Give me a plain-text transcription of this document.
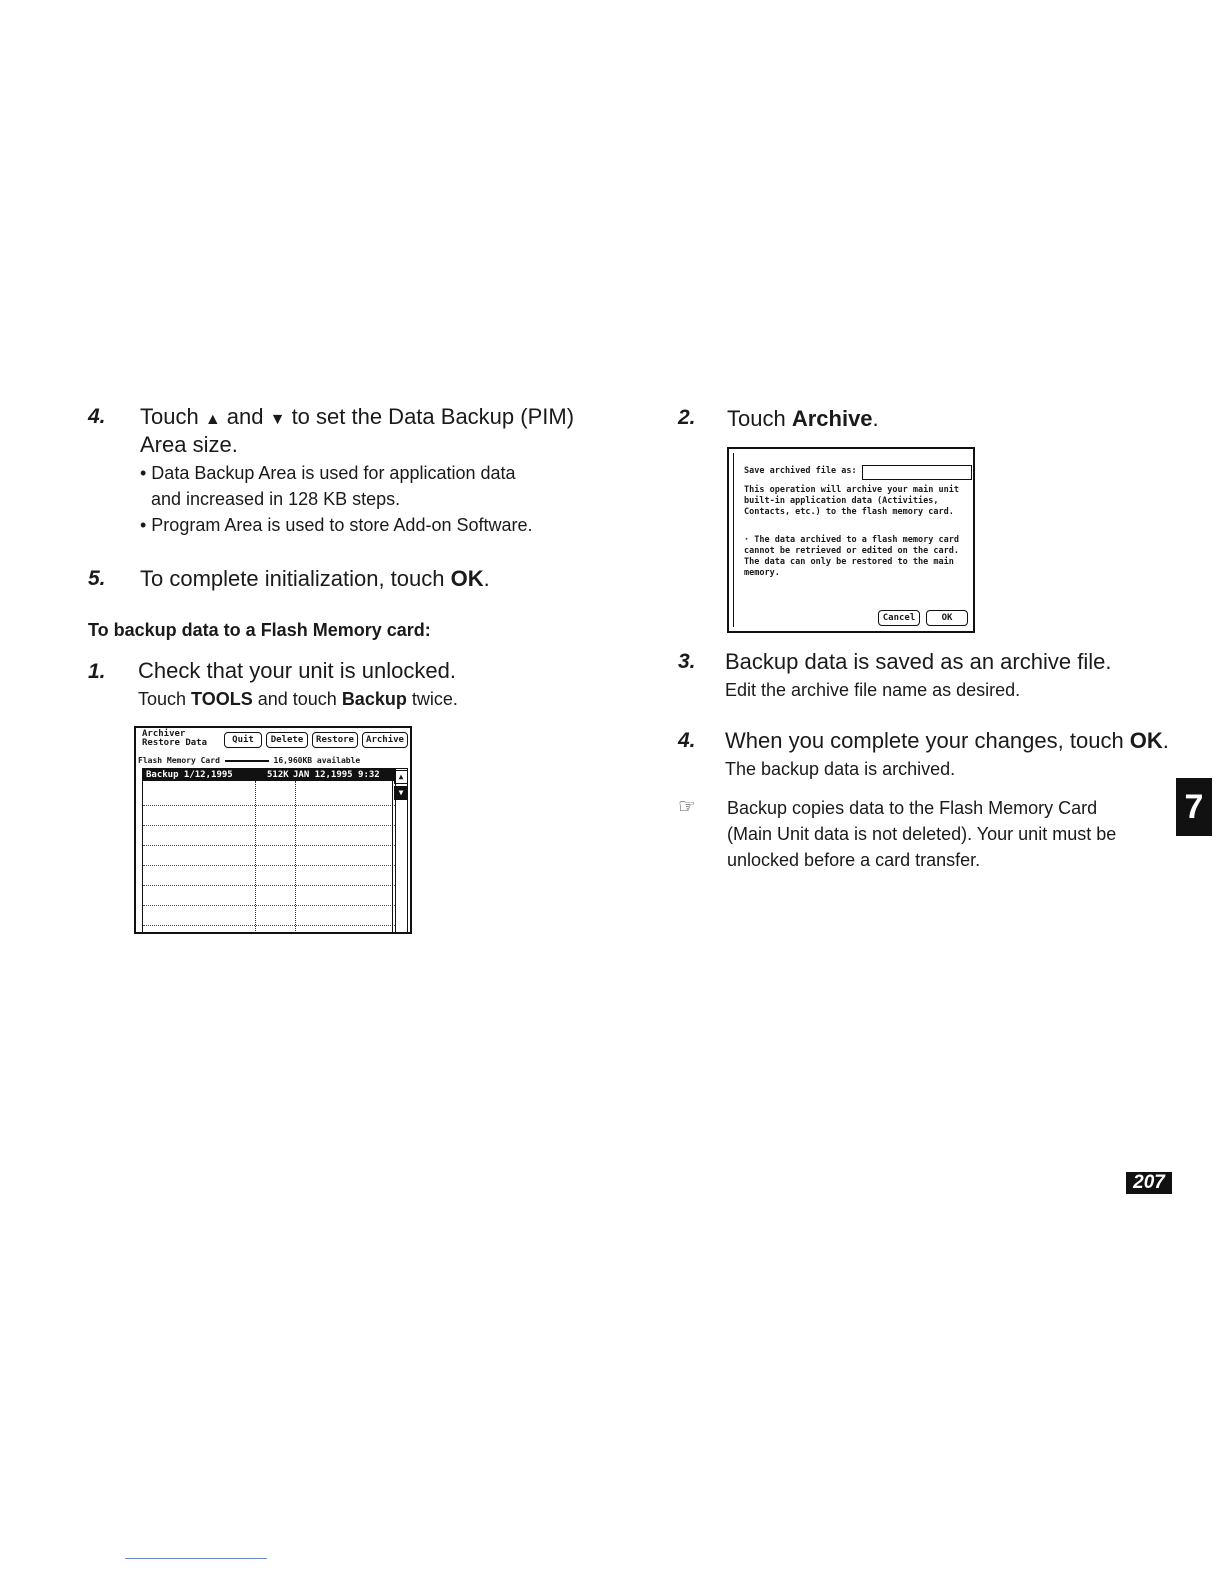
4. Touch ▲ and ▼ to set the Data Backup (PIM)
Area size.
• Data Backup Area is used for application data
and increased in 128 KB steps.
• Program Area is used to store Add-on Software.
5. To complete initialization, touch OK.
To backup data to a Flash Memory card:
1. Check that your unit is unlocked.
Touch TOOLS and touch Backup twice.
Archiver
Restore Data	Quit	Delete	Restore	Archive
Flash Memory Card	16,960KB available
Backup 1/12,1995	512K JAN 12,1995 9:32	▲
▼
2. Touch Archive.
Save archived file as:
This operation will archive your main unit built-in application data (Activities, Contacts, etc.) to the flash memory card.
· The data archived to a flash memory card cannot be retrieved or edited on the card. The data can only be restored to the main memory.
Cancel	OK
3. Backup data is saved as an archive file.
Edit the archive file name as desired.
4. When you complete your changes, touch OK.
The backup data is archived.
☞ Backup copies data to the Flash Memory Card
(Main Unit data is not deleted). Your unit must be
unlocked before a card transfer.
7
207
